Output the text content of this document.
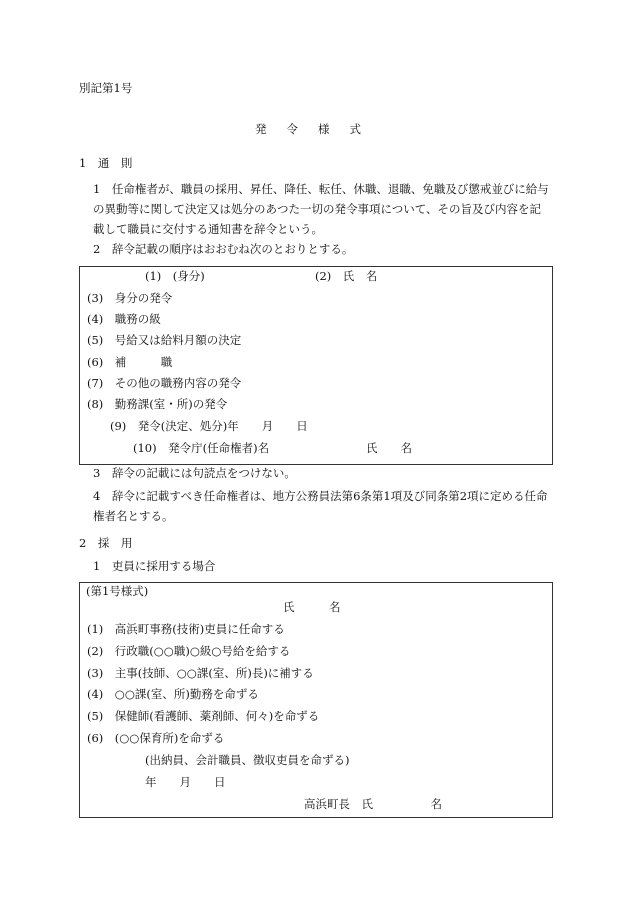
別記第1号
発令様式
1　通　則
1　任命権者が、職員の採用、昇任、降任、転任、休職、退職、免職及び懲戒並びに給与
の異動等に関して決定又は処分のあつた一切の発令事項について、その旨及び内容を記
載して職員に交付する通知書を辞令という。
2　辞令記載の順序はおおむね次のとおりとする。
(1)　(身分)	(2)　氏　名
(3)　身分の発令
(4)　職務の級
(5)　号給又は給料月額の決定
(6)　補　　　職
(7)　その他の職務内容の発令
(8)　勤務課(室・所)の発令
(9)　発令(決定、処分)年　　月　　日
(10)　発令庁(任命権者)名	氏　　名
3　辞令の記載には句読点をつけない。
4　辞令に記載すべき任命権者は、地方公務員法第6条第1項及び同条第2項に定める任命
権者名とする。
2　採　用
1　吏員に採用する場合
(第1号様式)
氏　　　名
(1)　高浜町事務(技術)吏員に任命する
(2)　行政職(○○職)○級○号給を給する
(3)　主事(技師、○○課(室、所)長)に補する
(4)　○○課(室、所)勤務を命ずる
(5)　保健師(看護師、薬剤師、何々)を命ずる
(6)　(○○保育所)を命ずる
(出納員、会計職員、徴収吏員を命ずる)
年　　月　　日
高浜町長　氏　　　　　名
